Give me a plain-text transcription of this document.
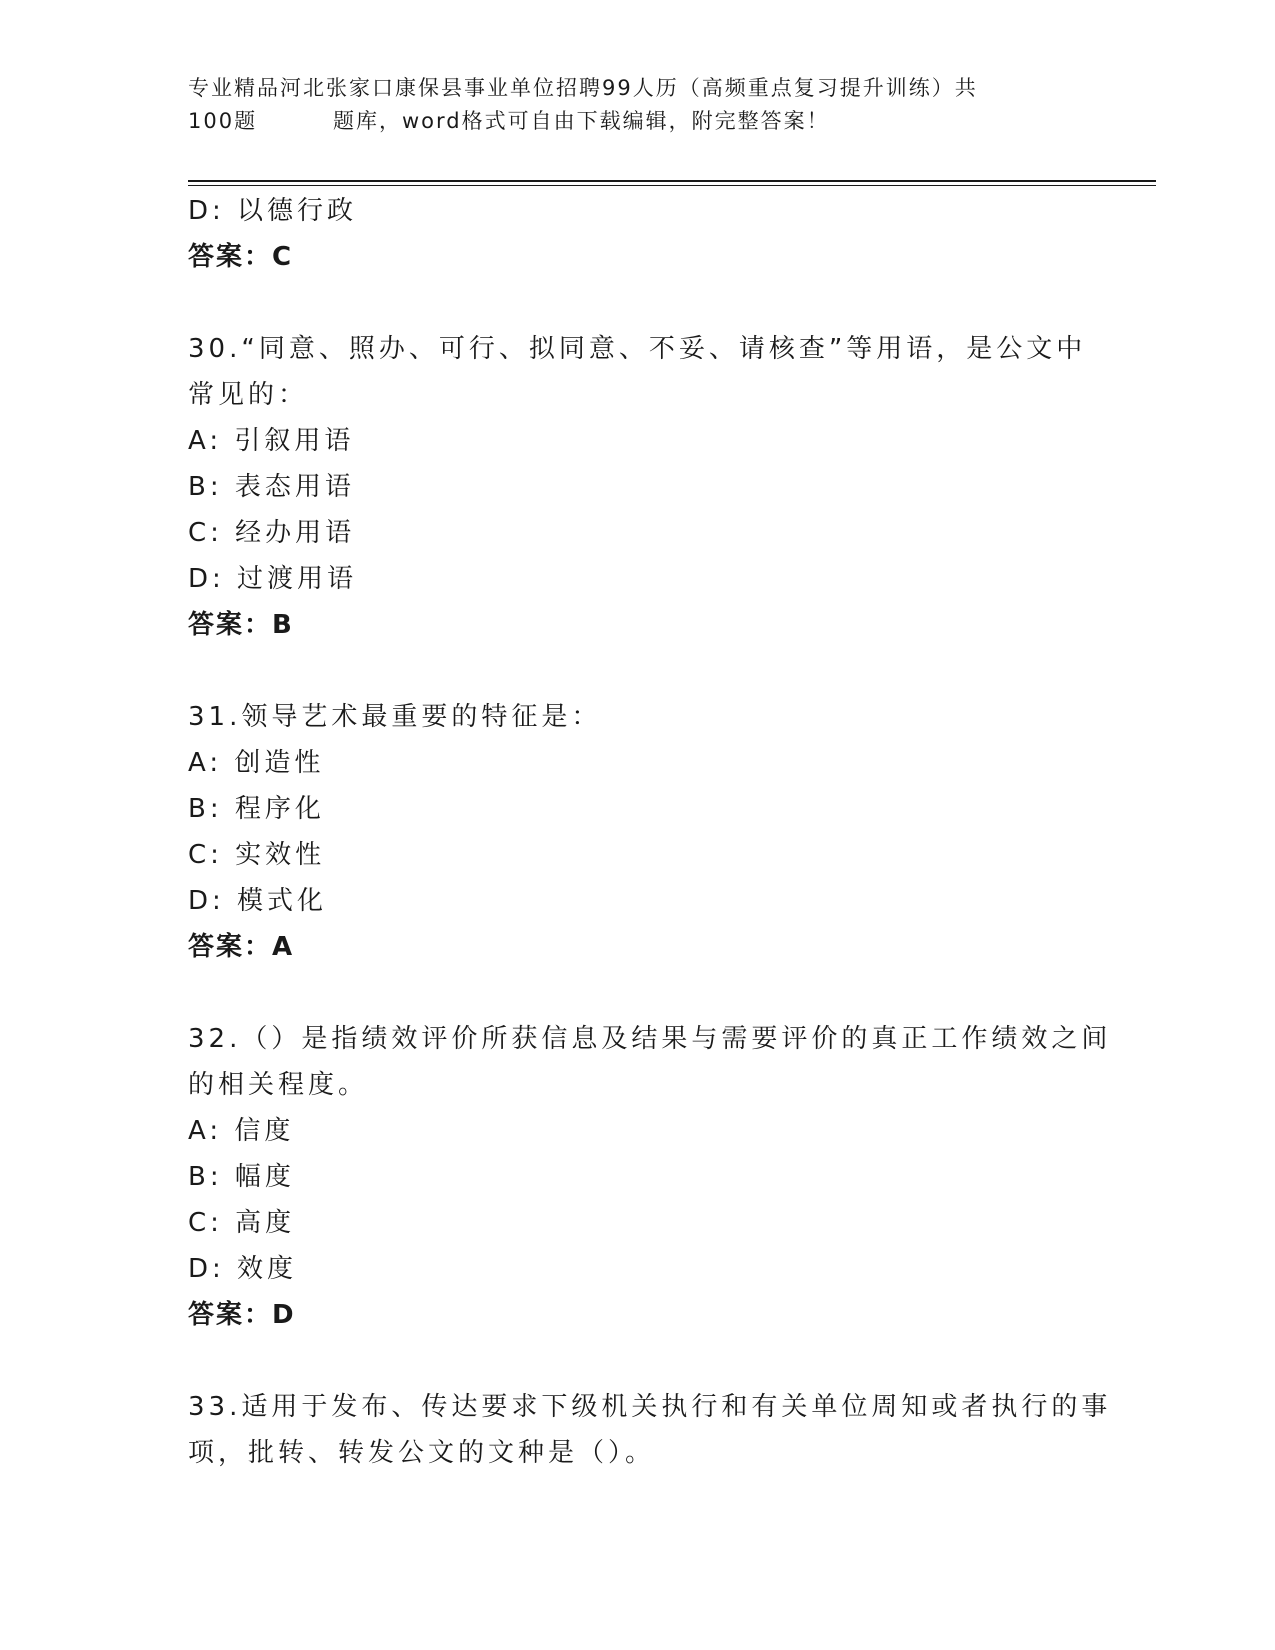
专业精品河北张家口康保县事业单位招聘99人历（高频重点复习提升训练）共
100题	题库，word格式可自由下载编辑，附完整答案！
D: 以德行政
答案：C
30.“同意、照办、可行、拟同意、不妥、请核查”等用语，是公文中
常见的：
A: 引叙用语
B: 表态用语
C: 经办用语
D: 过渡用语
答案：B
31.领导艺术最重要的特征是：
A: 创造性
B: 程序化
C: 实效性
D: 模式化
答案：A
32.（）是指绩效评价所获信息及结果与需要评价的真正工作绩效之间
的相关程度。
A: 信度
B: 幅度
C: 高度
D: 效度
答案：D
33.适用于发布、传达要求下级机关执行和有关单位周知或者执行的事
项，批转、转发公文的文种是（）。
